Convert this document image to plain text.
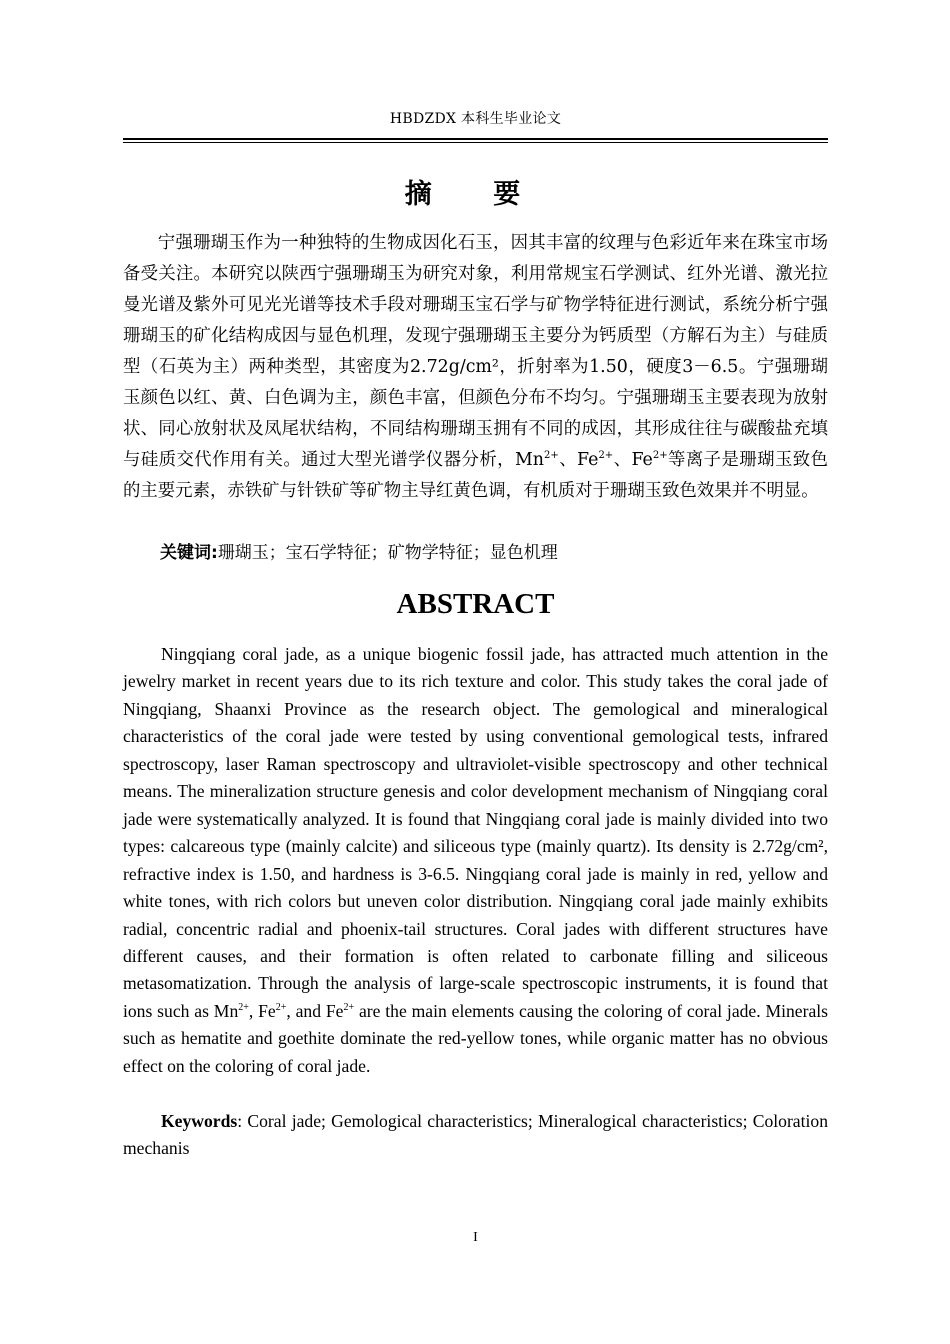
HBDZDX 本科生毕业论文
摘 要

宁强珊瑚玉作为一种独特的生物成因化石玉，因其丰富的纹理与色彩近年来在珠宝市场备受关注。本研究以陕西宁强珊瑚玉为研究对象，利用常规宝石学测试、红外光谱、激光拉曼光谱及紫外可见光光谱等技术手段对珊瑚玉宝石学与矿物学特征进行测试，系统分析宁强珊瑚玉的矿化结构成因与显色机理，发现宁强珊瑚玉主要分为钙质型（方解石为主）与硅质型（石英为主）两种类型，其密度为2.72g/cm²，折射率为1.50，硬度3－6.5。宁强珊瑚玉颜色以红、黄、白色调为主，颜色丰富，但颜色分布不均匀。宁强珊瑚玉主要表现为放射状、同心放射状及凤尾状结构，不同结构珊瑚玉拥有不同的成因，其形成往往与碳酸盐充填与硅质交代作用有关。通过大型光谱学仪器分析，$Mn^{2+}$、$Fe^{2+}$、$Fe^{2+}$等离子是珊瑚玉致色的主要元素，赤铁矿与针铁矿等矿物主导红黄色调，有机质对于珊瑚玉致色效果并不明显。

关键词:珊瑚玉；宝石学特征；矿物学特征；显色机理
ABSTRACT

Ningqiang coral jade, as a unique biogenic fossil jade, has attracted much attention in the jewelry market in recent years due to its rich texture and color. This study takes the coral jade of Ningqiang, Shaanxi Province as the research object. The gemological and mineralogical characteristics of the coral jade were tested by using conventional gemological tests, infrared spectroscopy, laser Raman spectroscopy and ultraviolet-visible spectroscopy and other technical means. The mineralization structure genesis and color development mechanism of Ningqiang coral jade were systematically analyzed. It is found that Ningqiang coral jade is mainly divided into two types: calcareous type (mainly calcite) and siliceous type (mainly quartz). Its density is 2.72g/cm², refractive index is 1.50, and hardness is 3-6.5. Ningqiang coral jade is mainly in red, yellow and white tones, with rich colors but uneven color distribution. Ningqiang coral jade mainly exhibits radial, concentric radial and phoenix-tail structures. Coral jades with different structures have different causes, and their formation is often related to carbonate filling and siliceous metasomatization. Through the analysis of large-scale spectroscopic instruments, it is found that ions such as $Mn^{2+}$, $Fe^{2+}$, and $Fe^{2+}$ are the main elements causing the coloring of coral jade. Minerals such as hematite and goethite dominate the red-yellow tones, while organic matter has no obvious effect on the coloring of coral jade.

Keywords: Coral jade; Gemological characteristics; Mineralogical characteristics; Coloration mechanis

I
